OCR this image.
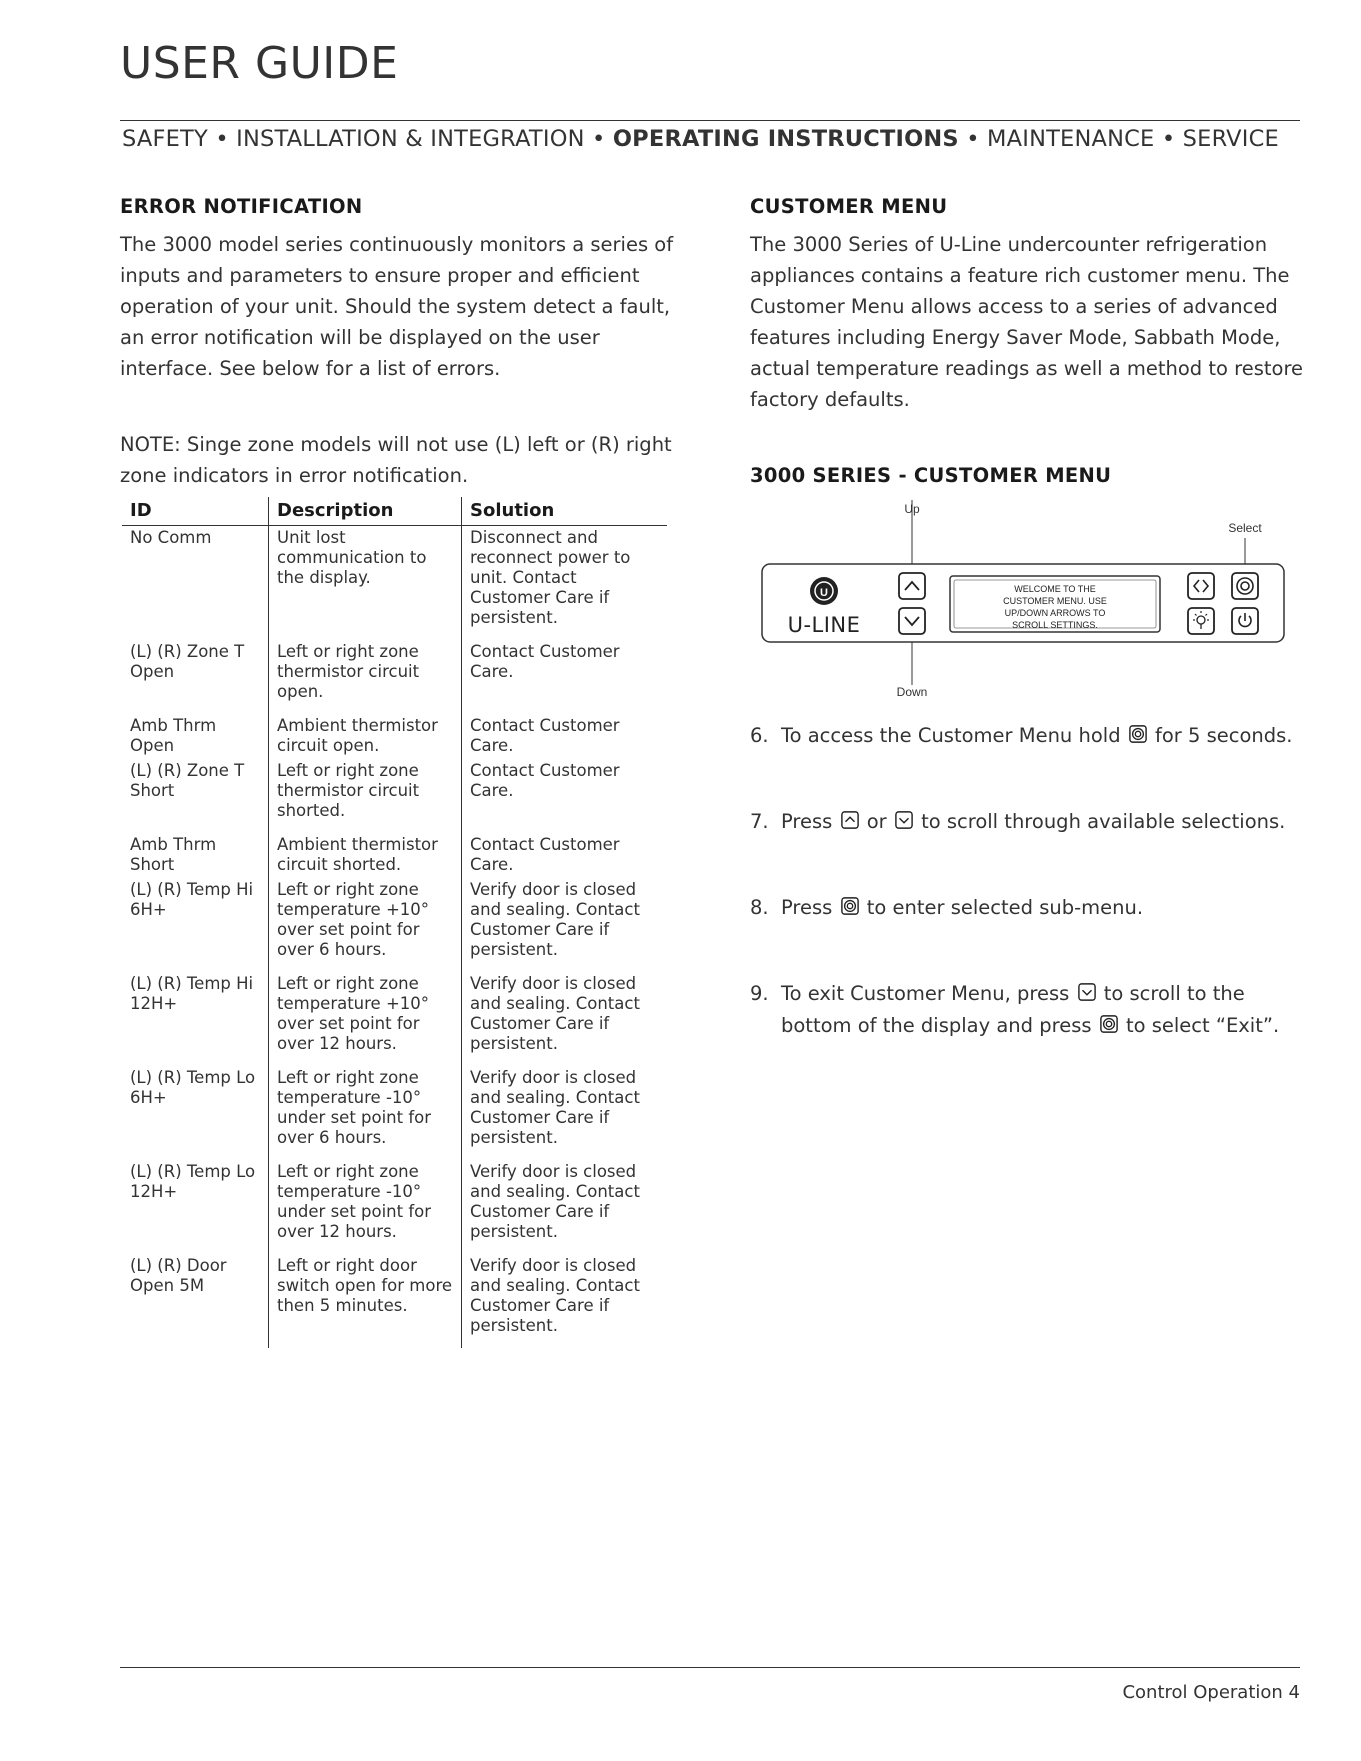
USER GUIDE
SAFETY • INSTALLATION & INTEGRATION • OPERATING INSTRUCTIONS • MAINTENANCE • SERVICE
ERROR NOTIFICATION

The 3000 model series continuously monitors a series of inputs and parameters to ensure proper and efficient operation of your unit. Should the system detect a fault, an error notification will be displayed on the user interface. See below for a list of errors.

NOTE: Singe zone models will not use (L) left or (R) right zone indicators in error notification.

ID	Description	Solution
No Comm	Unit lost communication to the display.	Disconnect and reconnect power to unit. Contact Customer Care if persistent.
(L) (R) Zone T Open	Left or right zone thermistor circuit open.	Contact Customer Care.
Amb Thrm Open	Ambient thermistor circuit open.	Contact Customer Care.
(L) (R) Zone T Short	Left or right zone thermistor circuit shorted.	Contact Customer Care.
Amb Thrm Short	Ambient thermistor circuit shorted.	Contact Customer Care.
(L) (R) Temp Hi 6H+	Left or right zone temperature +10° over set point for over 6 hours.	Verify door is closed and sealing. Contact Customer Care if persistent.
(L) (R) Temp Hi 12H+	Left or right zone temperature +10° over set point for over 12 hours.	Verify door is closed and sealing. Contact Customer Care if persistent.
(L) (R) Temp Lo 6H+	Left or right zone temperature -10° under set point for over 6 hours.	Verify door is closed and sealing. Contact Customer Care if persistent.
(L) (R) Temp Lo 12H+	Left or right zone temperature -10° under set point for over 12 hours.	Verify door is closed and sealing. Contact Customer Care if persistent.
(L) (R) Door Open 5M	Left or right door switch open for more then 5 minutes.	Verify door is closed and sealing. Contact Customer Care if persistent.
CUSTOMER MENU

The 3000 Series of U-Line undercounter refrigeration appliances contains a feature rich customer menu. The Customer Menu allows access to a series of advanced features including Energy Saver Mode, Sabbath Mode, actual temperature readings as well a method to restore factory defaults.

3000 SERIES - CUSTOMER MENU
Up
Down
Select
U
U-LINE
WELCOME TO THE
CUSTOMER MENU. USE
UP/DOWN ARROWS TO
SCROLL SETTINGS.
6. To access the Customer Menu hold for 5 seconds.
7. Press or to scroll through available selections.
8. Press to enter selected sub-menu.
9. To exit Customer Menu, press to scroll to the
bottom of the display and press to select “Exit”.
Control Operation 4
